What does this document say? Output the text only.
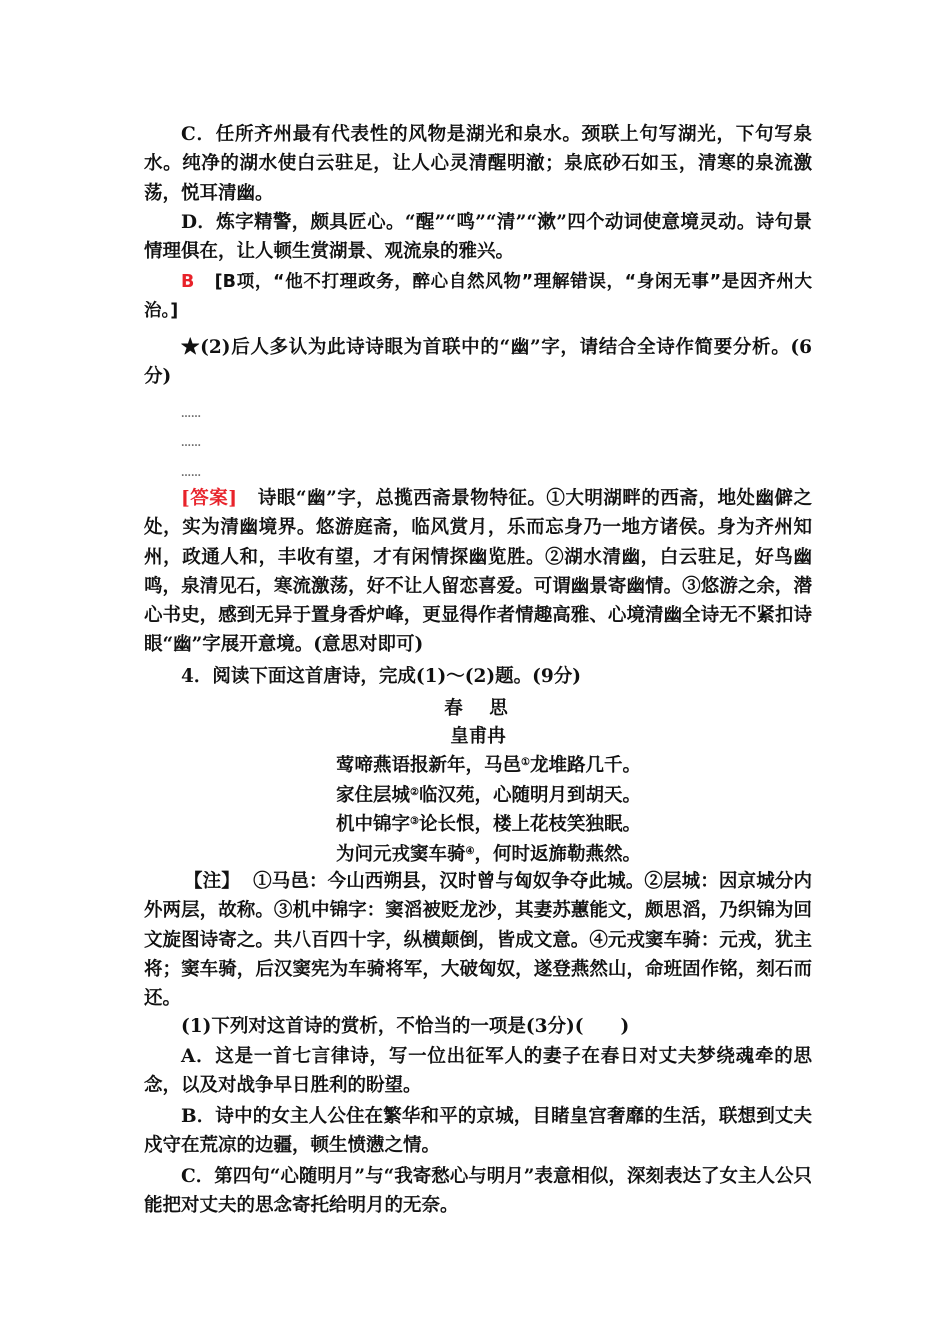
C．任所齐州最有代表性的风物是湖光和泉水。颈联上句写湖光，下句写泉水。纯净的湖水使白云驻足，让人心灵清醒明澈；泉底砂石如玉，清寒的泉流激荡，悦耳清幽。

D．炼字精警，颇具匠心。“醒”“鸣”“清”“漱”四个动词使意境灵动。诗句景情理俱在，让人顿生赏湖景、观流泉的雅兴。

B [B项，“他不打理政务，醉心自然风物”理解错误，“身闲无事”是因齐州大治。]

★(2)后人多认为此诗诗眼为首联中的“幽”字，请结合全诗作简要分析。(6分)

……
……
……

[答案] 诗眼“幽”字，总揽西斋景物特征。①大明湖畔的西斋，地处幽僻之处，实为清幽境界。悠游庭斋，临风赏月，乐而忘身乃一地方诸侯。身为齐州知州，政通人和，丰收有望，才有闲情探幽览胜。②湖水清幽，白云驻足，好鸟幽鸣，泉清见石，寒流激荡，好不让人留恋喜爱。可谓幽景寄幽情。③悠游之余，潜心书史，感到无异于置身香炉峰，更显得作者情趣高雅、心境清幽全诗无不紧扣诗眼“幽”字展开意境。(意思对即可)

4．阅读下面这首唐诗，完成(1)～(2)题。(9分)

春　思
皇甫冉
莺啼燕语报新年，马邑①龙堆路几千。
家住层城②临汉苑，心随明月到胡天。
机中锦字③论长恨，楼上花枝笑独眠。
为问元戎窦车骑④，何时返旆勒燕然。

【注】 ①马邑：今山西朔县，汉时曾与匈奴争夺此城。②层城：因京城分内外两层，故称。③机中锦字：窦滔被贬龙沙，其妻苏蕙能文，颇思滔，乃织锦为回文旋图诗寄之。共八百四十字，纵横颠倒，皆成文意。④元戎窦车骑：元戎，犹主将；窦车骑，后汉窦宪为车骑将军，大破匈奴，遂登燕然山，命班固作铭，刻石而还。

(1)下列对这首诗的赏析，不恰当的一项是(3分)(　　)

A．这是一首七言律诗，写一位出征军人的妻子在春日对丈夫梦绕魂牵的思念，以及对战争早日胜利的盼望。

B．诗中的女主人公住在繁华和平的京城，目睹皇宫奢靡的生活，联想到丈夫戍守在荒凉的边疆，顿生愤懑之情。

C．第四句“心随明月”与“我寄愁心与明月”表意相似，深刻表达了女主人公只能把对丈夫的思念寄托给明月的无奈。
